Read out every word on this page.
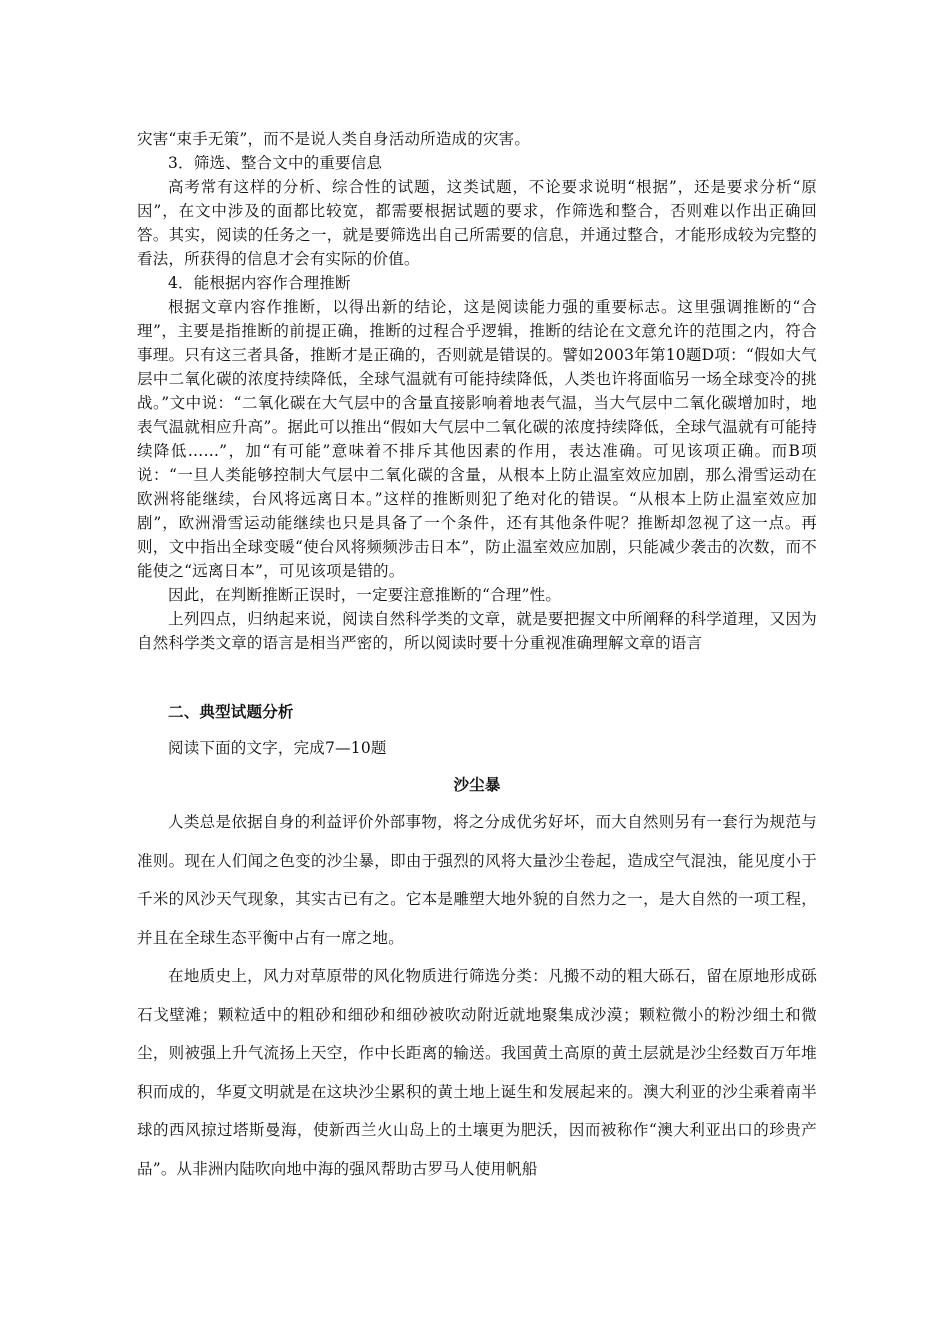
灾害“束手无策”，而不是说人类自身活动所造成的灾害。

3．筛选、整合文中的重要信息

高考常有这样的分析、综合性的试题，这类试题，不论要求说明“根据”，还是要求分析“原因”，在文中涉及的面都比较宽，都需要根据试题的要求，作筛选和整合，否则难以作出正确回答。其实，阅读的任务之一，就是要筛选出自己所需要的信息，并通过整合，才能形成较为完整的看法，所获得的信息才会有实际的价值。

4．能根据内容作合理推断

根据文章内容作推断，以得出新的结论，这是阅读能力强的重要标志。这里强调推断的“合理”，主要是指推断的前提正确，推断的过程合乎逻辑，推断的结论在文意允许的范围之内，符合事理。只有这三者具备，推断才是正确的，否则就是错误的。譬如2003年第10题D项：“假如大气层中二氧化碳的浓度持续降低，全球气温就有可能持续降低，人类也许将面临另一场全球变冷的挑战。”文中说：“二氧化碳在大气层中的含量直接影响着地表气温，当大气层中二氧化碳增加时，地表气温就相应升高”。据此可以推出“假如大气层中二氧化碳的浓度持续降低，全球气温就有可能持续降低……”，加“有可能”意味着不排斥其他因素的作用，表达准确。可见该项正确。而B项说：“一旦人类能够控制大气层中二氧化碳的含量，从根本上防止温室效应加剧，那么滑雪运动在欧洲将能继续，台风将远离日本。”这样的推断则犯了绝对化的错误。“从根本上防止温室效应加剧”，欧洲滑雪运动能继续也只是具备了一个条件，还有其他条件呢？推断却忽视了这一点。再则，文中指出全球变暖“使台风将频频涉击日本”，防止温室效应加剧，只能减少袭击的次数，而不能使之“远离日本”，可见该项是错的。

因此，在判断推断正误时，一定要注意推断的“合理”性。

上列四点，归纳起来说，阅读自然科学类的文章，就是要把握文中所阐释的科学道理，又因为自然科学类文章的语言是相当严密的，所以阅读时要十分重视准确理解文章的语言

二、典型试题分析

阅读下面的文字，完成7—10题

沙尘暴

人类总是依据自身的利益评价外部事物，将之分成优劣好坏，而大自然则另有一套行为规范与准则。现在人们闻之色变的沙尘暴，即由于强烈的风将大量沙尘卷起，造成空气混浊，能见度小于千米的风沙天气现象，其实古已有之。它本是雕塑大地外貌的自然力之一，是大自然的一项工程，并且在全球生态平衡中占有一席之地。

在地质史上，风力对草原带的风化物质进行筛选分类：凡搬不动的粗大砾石，留在原地形成砾石戈壁滩；颗粒适中的粗砂和细砂和细砂被吹动附近就地聚集成沙漠；颗粒微小的粉沙细土和微尘，则被强上升气流扬上天空，作中长距离的输送。我国黄土高原的黄土层就是沙尘经数百万年堆积而成的，华夏文明就是在这块沙尘累积的黄土地上诞生和发展起来的。澳大利亚的沙尘乘着南半球的西风掠过塔斯曼海，使新西兰火山岛上的土壤更为肥沃，因而被称作“澳大利亚出口的珍贵产品”。从非洲内陆吹向地中海的强风帮助古罗马人使用帆船
